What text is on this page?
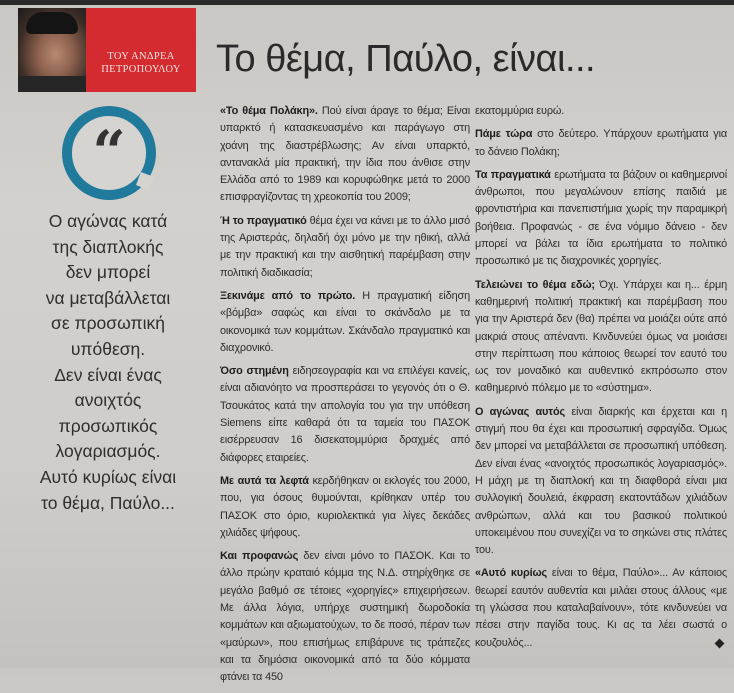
ΤΟΥ ΑΝΔΡΕΑ
ΠΕΤΡΟΠΟΥΛΟΥ Το θέμα, Παύλο, είναι...
“
Ο αγώνας κατά
της διαπλοκής
δεν μπορεί
να μεταβάλλεται
σε προσωπική
υπόθεση.
Δεν είναι ένας
ανοιχτός
προσωπικός
λογαριασμός.
Αυτό κυρίως είναι
το θέμα, Παύλο...

«Το θέμα Πολάκη». Πού είναι άραγε το θέμα; Είναι υπαρκτό ή κατασκευασμένο και παράγωγο στη χοάνη της διαστρέβλωσης; Αν είναι υπαρκτό, αντανακλά μία πρακτική, την ίδια που άνθισε στην Ελλάδα από το 1989 και κορυφώθηκε μετά το 2000 επισφραγίζοντας τη χρεοκοπία του 2009;

Ή το πραγματικό θέμα έχει να κάνει με το άλλο μισό της Αριστεράς, δηλαδή όχι μόνο με την ηθική, αλλά με την πρακτική και την αισθητική παρέμβαση στην πολιτική διαδικασία;

Ξεκινάμε από το πρώτο. Η πραγματική είδηση «βόμβα» σαφώς και είναι το σκάνδαλο με τα οικονομικά των κομμάτων. Σκάνδαλο πραγματικό και διαχρονικό.

Όσο στημένη ειδησεογραφία και να επιλέγει κανείς, είναι αδιανόητο να προσπεράσει το γεγονός ότι ο Θ. Τσουκάτος κατά την απολογία του για την υπόθεση Siemens είπε καθαρά ότι τα ταμεία του ΠΑΣΟΚ εισέρρευσαν 16 δισεκατομμύρια δραχμές από διάφορες εταιρείες.

Με αυτά τα λεφτά κερδήθηκαν οι εκλογές του 2000, που, για όσους θυμούνται, κρίθηκαν υπέρ του ΠΑΣΟΚ στο όριο, κυριολεκτικά για λίγες δεκάδες χιλιάδες ψήφους.

Και προφανώς δεν είναι μόνο το ΠΑΣΟΚ. Και το άλλο πρώην κραταιό κόμμα της Ν.Δ. στηρίχθηκε σε μεγάλο βαθμό σε τέτοιες «χορηγίες» επιχειρήσεων. Με άλλα λόγια, υπήρχε συστημική δωροδοκία κομμάτων και αξιωματούχων, το δε ποσό, πέραν των «μαύρων», που επισήμως επιβάρυνε τις τράπεζες και τα δημόσια οικονομικά από τα δύο κόμματα φτάνει τα 450

εκατομμύρια ευρώ.

Πάμε τώρα στο δεύτερο. Υπάρχουν ερωτήματα για το δάνειο Πολάκη;

Τα πραγματικά ερωτήματα τα βάζουν οι καθημερινοί άνθρωποι, που μεγαλώνουν επίσης παιδιά με φροντιστήρια και πανεπιστήμια χωρίς την παραμικρή βοήθεια. Προφανώς - σε ένα νόμιμο δάνειο - δεν μπορεί να βάλει τα ίδια ερωτήματα το πολιτικό προσωπικό με τις διαχρονικές χορηγίες.

Τελειώνει το θέμα εδώ; Όχι. Υπάρχει και η... έρμη καθημερινή πολιτική πρακτική και παρέμβαση που για την Αριστερά δεν (θα) πρέπει να μοιάζει ούτε από μακριά στους απέναντι. Κινδυνεύει όμως να μοιάσει στην περίπτωση που κάποιος θεωρεί τον εαυτό του ως τον μοναδικό και αυθεντικό εκπρόσωπο στον καθημερινό πόλεμο με το «σύστημα».

Ο αγώνας αυτός είναι διαρκής και έρχεται και η στιγμή που θα έχει και προσωπική σφραγίδα. Όμως δεν μπορεί να μεταβάλλεται σε προσωπική υπόθεση. Δεν είναι ένας «ανοιχτός προσωπικός λογαριασμός». Η μάχη με τη διαπλοκή και τη διαφθορά είναι μια συλλογική δουλειά, έκφραση εκατοντάδων χιλιάδων ανθρώπων, αλλά και του βασικού πολιτικού υποκειμένου που συνεχίζει να το σηκώνει στις πλάτες του.

«Αυτό κυρίως είναι το θέμα, Παύλο»... Αν κάποιος θεωρεί εαυτόν αυθεντία και μιλάει στους άλλους «με τη γλώσσα που καταλαβαίνουν», τότε κινδυνεύει να πέσει στην παγίδα τους. Κι ας τα λέει σωστά ο κουζουλός...
